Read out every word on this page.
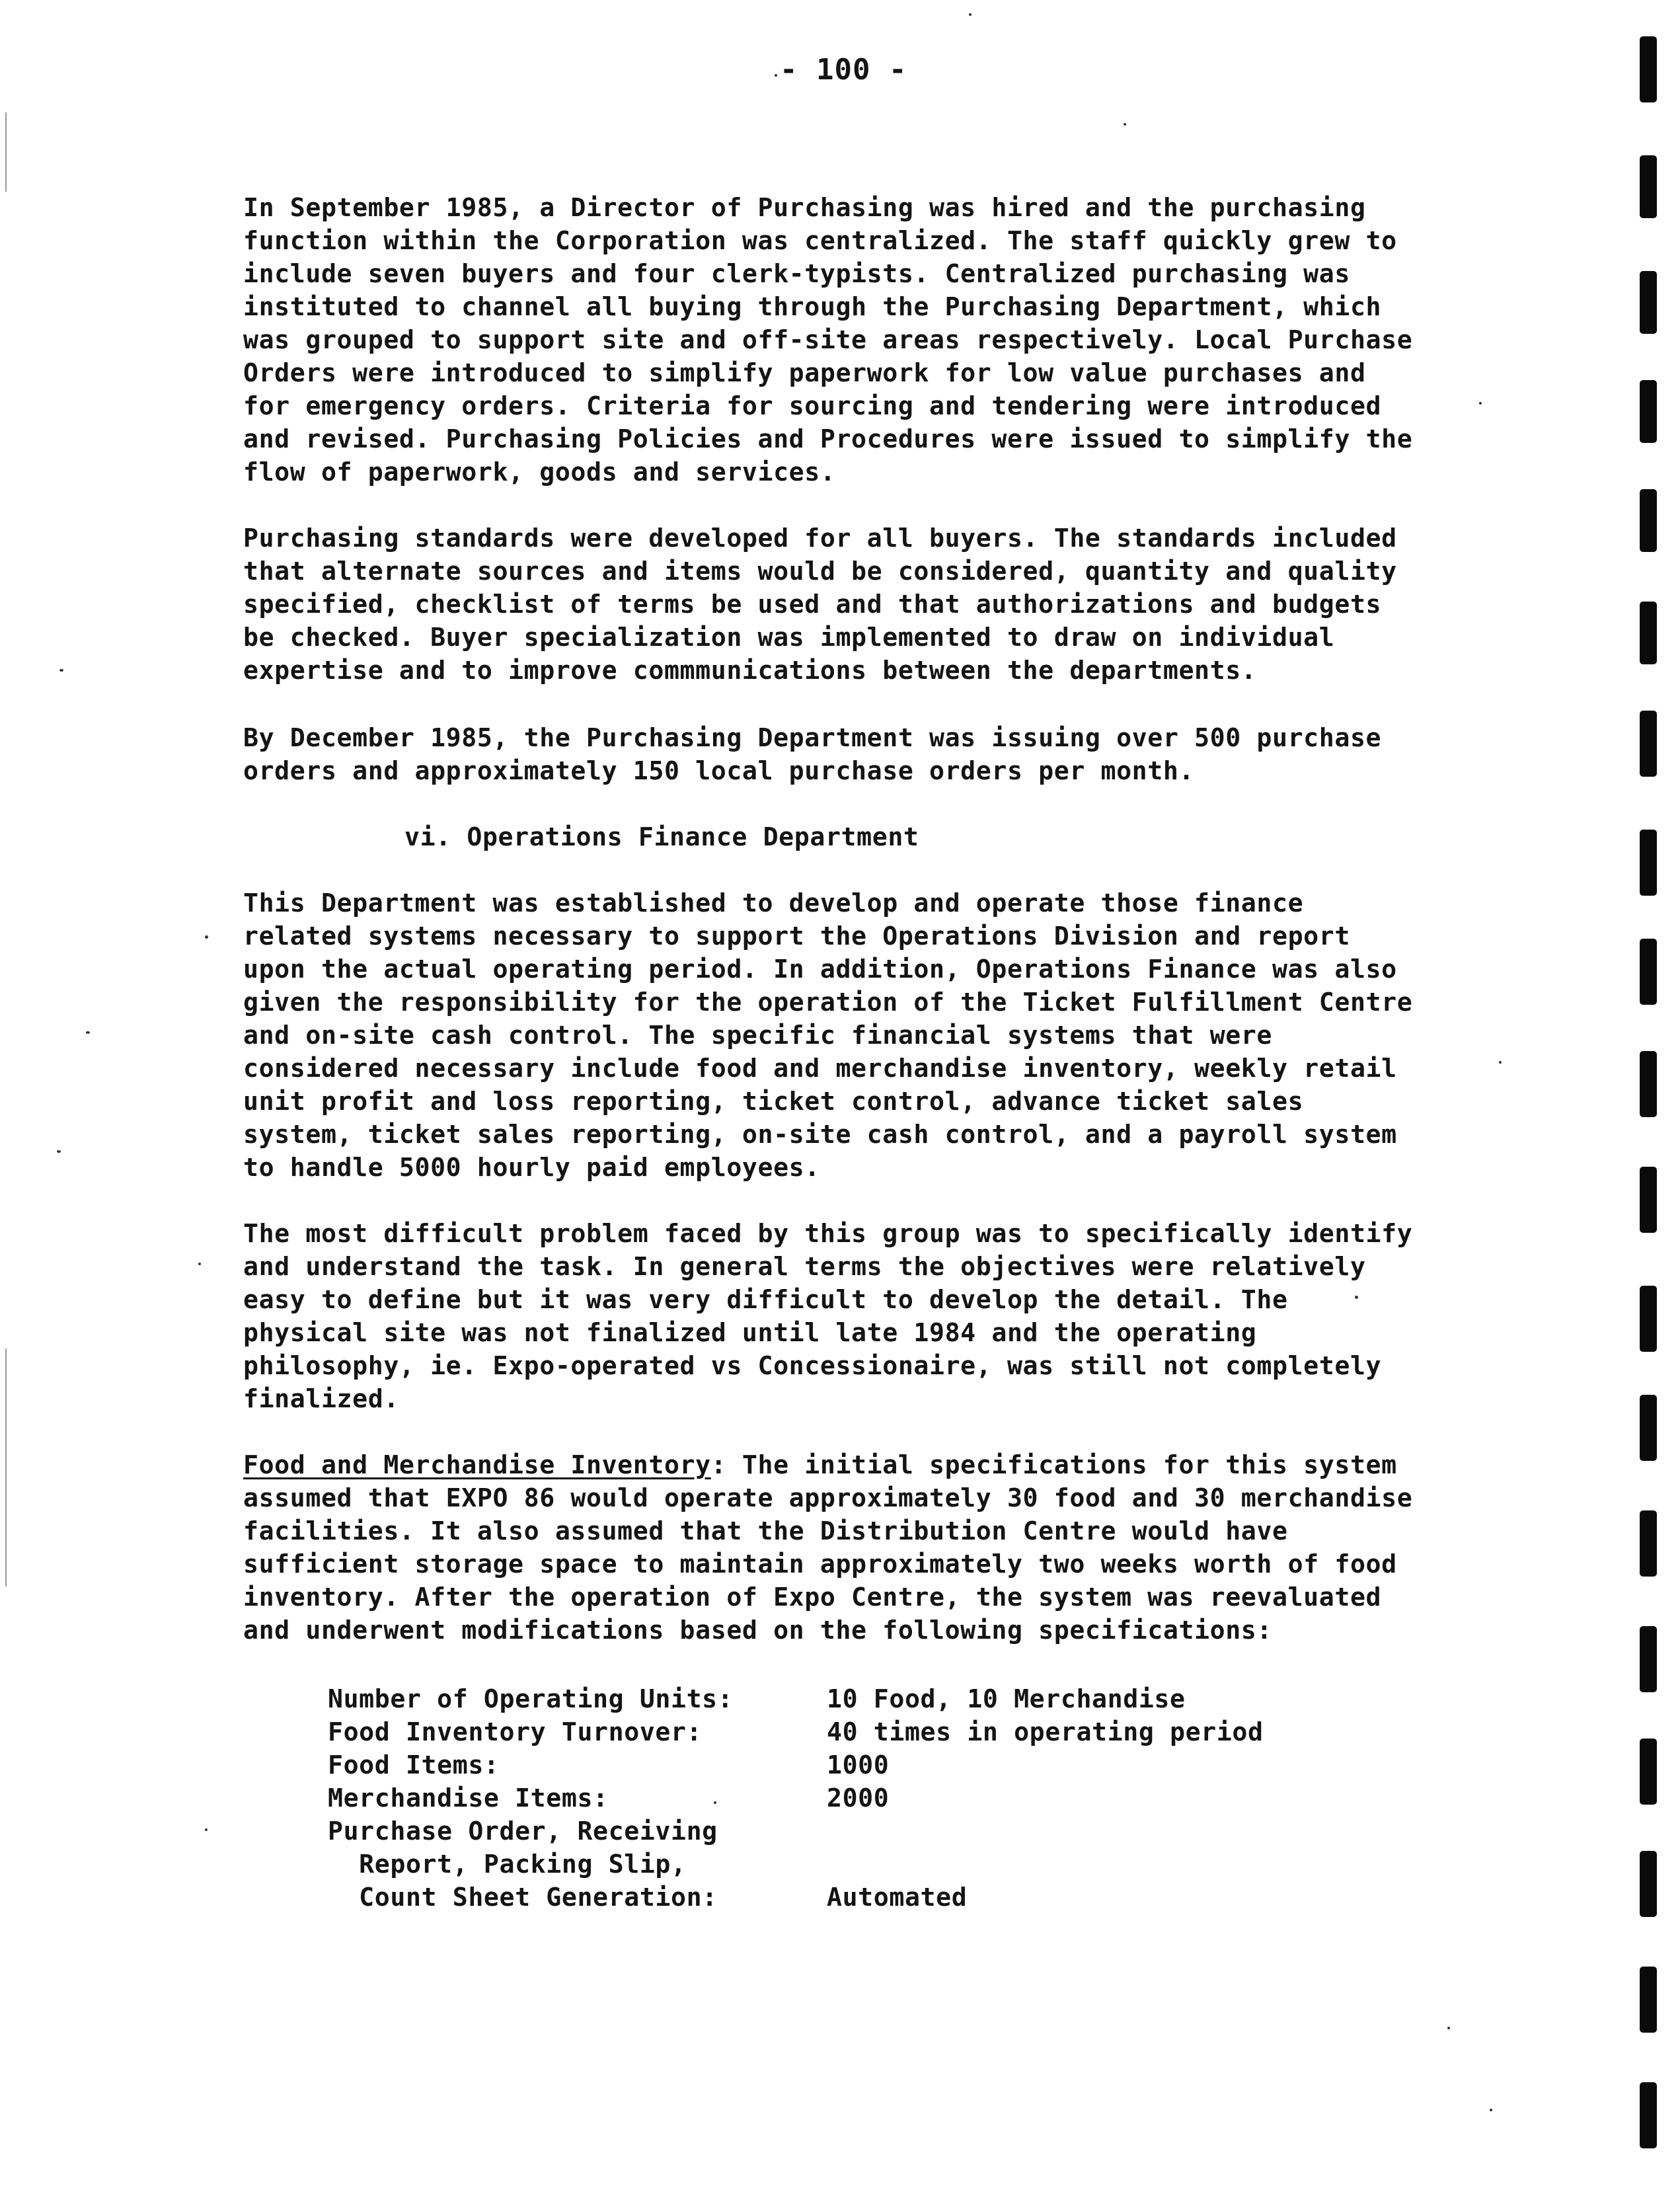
- 100 -
In September 1985, a Director of Purchasing was hired and the purchasing
function within the Corporation was centralized. The staff quickly grew to
include seven buyers and four clerk-typists. Centralized purchasing was
instituted to channel all buying through the Purchasing Department, which
was grouped to support site and off-site areas respectively. Local Purchase
Orders were introduced to simplify paperwork for low value purchases and
for emergency orders. Criteria for sourcing and tendering were introduced
and revised. Purchasing Policies and Procedures were issued to simplify the
flow of paperwork, goods and services.
Purchasing standards were developed for all buyers. The standards included
that alternate sources and items would be considered, quantity and quality
specified, checklist of terms be used and that authorizations and budgets
be checked. Buyer specialization was implemented to draw on individual
expertise and to improve commmunications between the departments.
By December 1985, the Purchasing Department was issuing over 500 purchase
orders and approximately 150 local purchase orders per month.
vi. Operations Finance Department
This Department was established to develop and operate those finance
related systems necessary to support the Operations Division and report
upon the actual operating period. In addition, Operations Finance was also
given the responsibility for the operation of the Ticket Fulfillment Centre
and on-site cash control. The specific financial systems that were
considered necessary include food and merchandise inventory, weekly retail
unit profit and loss reporting, ticket control, advance ticket sales
system, ticket sales reporting, on-site cash control, and a payroll system
to handle 5000 hourly paid employees.
The most difficult problem faced by this group was to specifically identify
and understand the task. In general terms the objectives were relatively
easy to define but it was very difficult to develop the detail. The
physical site was not finalized until late 1984 and the operating
philosophy, ie. Expo-operated vs Concessionaire, was still not completely
finalized.
Food and Merchandise Inventory: The initial specifications for this system
assumed that EXPO 86 would operate approximately 30 food and 30 merchandise
facilities. It also assumed that the Distribution Centre would have
sufficient storage space to maintain approximately two weeks worth of food
inventory. After the operation of Expo Centre, the system was reevaluated
and underwent modifications based on the following specifications:
Number of Operating Units:	10 Food, 10 Merchandise
Food Inventory Turnover:	40 times in operating period
Food Items:	1000
Merchandise Items:	2000
Purchase Order, Receiving
Report, Packing Slip,
Count Sheet Generation:	Automated
